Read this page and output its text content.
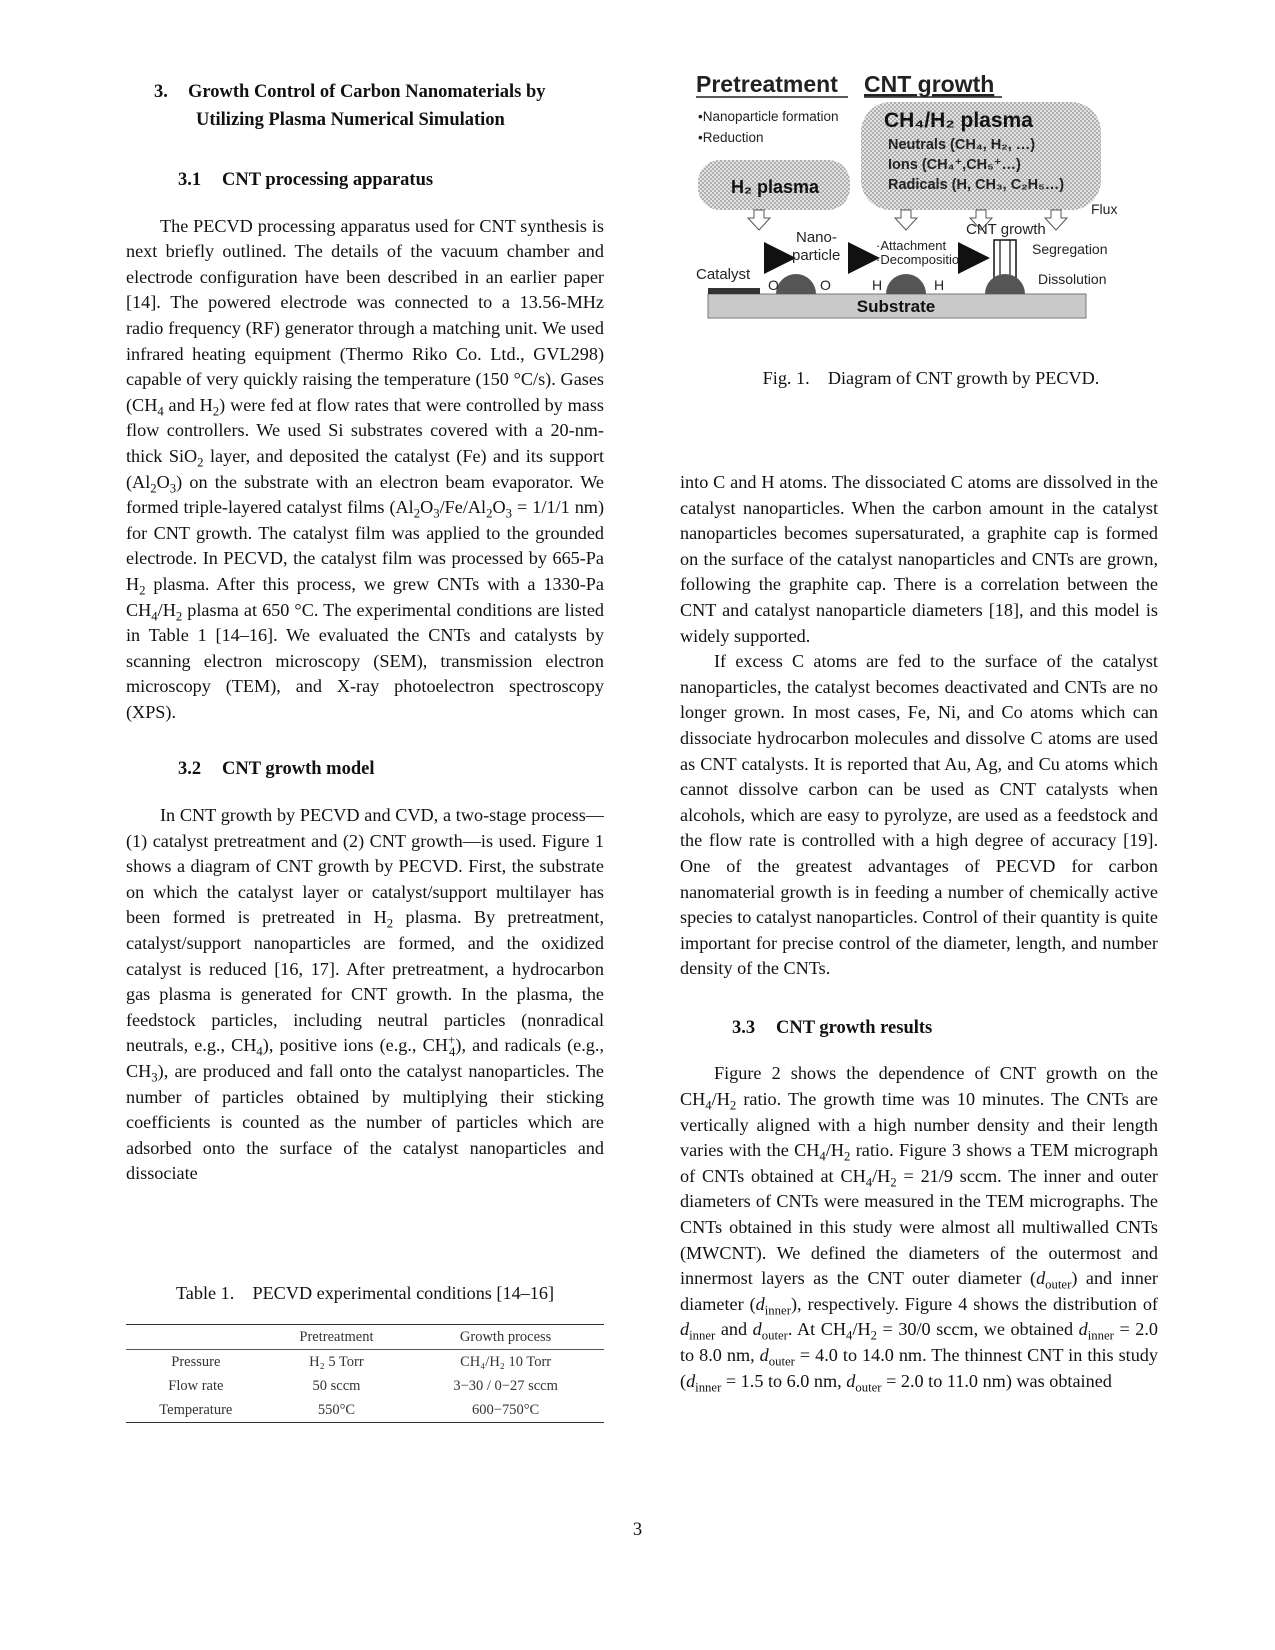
3. Growth Control of Carbon Nanomaterials by
Utilizing Plasma Numerical Simulation
3.1 CNT processing apparatus

The PECVD processing apparatus used for CNT synthesis is next briefly outlined. The details of the vacuum chamber and electrode configuration have been described in an earlier paper [14]. The powered electrode was connected to a 13.56-MHz radio frequency (RF) generator through a matching unit. We used infrared heating equipment (Thermo Riko Co. Ltd., GVL298) capable of very quickly raising the temperature (150 °C/s). Gases ($CH_4$ and $H_2$) were fed at flow rates that were controlled by mass flow controllers. We used Si substrates covered with a 20-nm-thick SiO$_2$ layer, and deposited the catalyst (Fe) and its support $(Al_2O_3)$ on the substrate with an electron beam evaporator. We formed triple-layered catalyst films ($Al_2O_3/Fe/Al_2O_3 = 1/1/1$ nm) for CNT growth. The catalyst film was applied to the grounded electrode. In PECVD, the catalyst film was processed by 665-Pa $H_2$ plasma. After this process, we grew CNTs with a 1330-Pa $CH_4/H_2$ plasma at 650 °C. The experimental conditions are listed in Table 1 [14–16]. We evaluated the CNTs and catalysts by scanning electron microscopy (SEM), transmission electron microscopy (TEM), and X-ray photoelectron spectroscopy (XPS).

3.2 CNT growth model

In CNT growth by PECVD and CVD, a two-stage process—(1) catalyst pretreatment and (2) CNT growth—is used. Figure 1 shows a diagram of CNT growth by PECVD. First, the substrate on which the catalyst layer or catalyst/support multilayer has been formed is pretreated in $H_2$ plasma. By pretreatment, catalyst/support nanoparticles are formed, and the oxidized catalyst is reduced [16, 17]. After pretreatment, a hydrocarbon gas plasma is generated for CNT growth. In the plasma, the feedstock particles, including neutral particles (nonradical neutrals, e.g., $CH_4$), positive ions (e.g., $CH^+_4$), and radicals (e.g., $CH_3$), are produced and fall onto the catalyst nanoparticles. The number of particles obtained by multiplying their sticking coefficients is counted as the number of particles which are adsorbed onto the surface of the catalyst nanoparticles and dissociate

Table 1. PECVD experimental conditions [14–16]
	Pretreatment	Growth process
Pressure	H₂ 5 Torr	CH₄/H₂ 10 Torr
Flow rate	50 sccm	3−30 / 0−27 sccm
Temperature	550°C	600−750°C
Pretreatment CNT growth
•Nanoparticle formation
•Reduction
H₂ plasma
CH₄/H₂ plasma
Neutrals (CH₄, H₂, …)
Ions (CH₄⁺,CH₅⁺…)
Radicals (H, CH₃, C₂H₅…)
Flux
Substrate
Catalyst
Nano-
particle
O	O
·Attachment
·Decomposition
H	H
CNT growth
Segregation
Dissolution
Fig. 1. Diagram of CNT growth by PECVD.

into C and H atoms. The dissociated C atoms are dissolved in the catalyst nanoparticles. When the carbon amount in the catalyst nanoparticles becomes supersaturated, a graphite cap is formed on the surface of the catalyst nanoparticles and CNTs are grown, following the graphite cap. There is a correlation between the CNT and catalyst nanoparticle diameters [18], and this model is widely supported.

If excess C atoms are fed to the surface of the catalyst nanoparticles, the catalyst becomes deactivated and CNTs are no longer grown. In most cases, Fe, Ni, and Co atoms which can dissociate hydrocarbon molecules and dissolve C atoms are used as CNT catalysts. It is reported that Au, Ag, and Cu atoms which cannot dissolve carbon can be used as CNT catalysts when alcohols, which are easy to pyrolyze, are used as a feedstock and the flow rate is controlled with a high degree of accuracy [19]. One of the greatest advantages of PECVD for carbon nanomaterial growth is in feeding a number of chemically active species to catalyst nanoparticles. Control of their quantity is quite important for precise control of the diameter, length, and number density of the CNTs.

3.3 CNT growth results

Figure 2 shows the dependence of CNT growth on the $CH_4/H_2$ ratio. The growth time was 10 minutes. The CNTs are vertically aligned with a high number density and their length varies with the $CH_4/H_2$ ratio. Figure 3 shows a TEM micrograph of CNTs obtained at $CH_4/H_2 = 21/9$ sccm. The inner and outer diameters of CNTs were measured in the TEM micrographs. The CNTs obtained in this study were almost all multiwalled CNTs (MWCNT). We defined the diameters of the outermost and innermost layers as the CNT outer diameter $(d_{outer})$ and inner diameter $(d_{inner})$, respectively. Figure 4 shows the distribution of $d_{inner}$ and $d_{outer}$. At $CH_4/H_2 = 30/0$ sccm, we obtained $d_{inner} = 2.0$ to 8.0 nm, $d_{outer} = 4.0$ to 14.0 nm. The thinnest CNT in this study ($d_{inner} = 1.5$ to 6.0 nm, $d_{outer} = 2.0$ to 11.0 nm) was obtained

3
